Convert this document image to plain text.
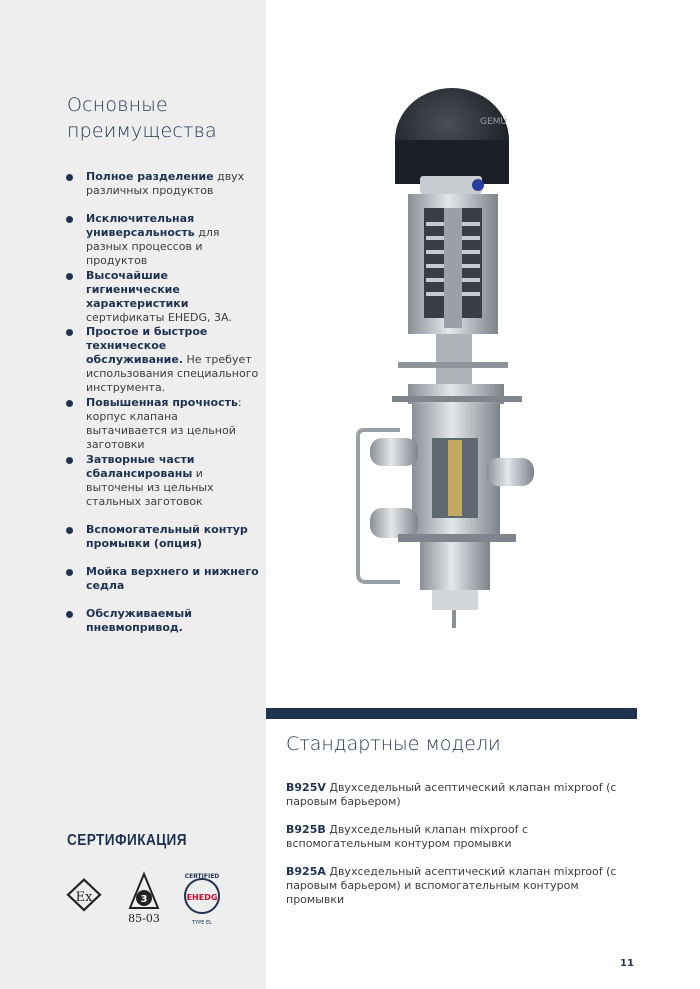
Основные преимущества
Полное разделение двух различных продуктов
Исключительная универсальность для разных процессов и продуктов
Высочайшие гигиенические характеристики сертификаты EHEDG, 3A.
Простое и быстрое техническое обслуживание. Не требует использования специального инструмента.
Повышенная прочность: корпус клапана вытачивается из цельной заготовки
Затворные части сбалансированы и выточены из цельных стальных заготовок
Вспомогательный контур промывки (опция)
Мойка верхнего и нижнего седла
Обслуживаемый пневмопривод.
СЕРТИФИКАЦИЯ
Ex	3
85-03
CERTIFIED
EHEDG
TYPE EL
GEMÜ
Стандартные модели

B925V Двухседельный асептический клапан mixproof (с паровым барьером)

B925B Двухседельный клапан mixproof с вспомогательным контуром промывки

B925A Двухседельный асептический клапан mixproof (с паровым барьером) и вспомогательным контуром промывки

11
